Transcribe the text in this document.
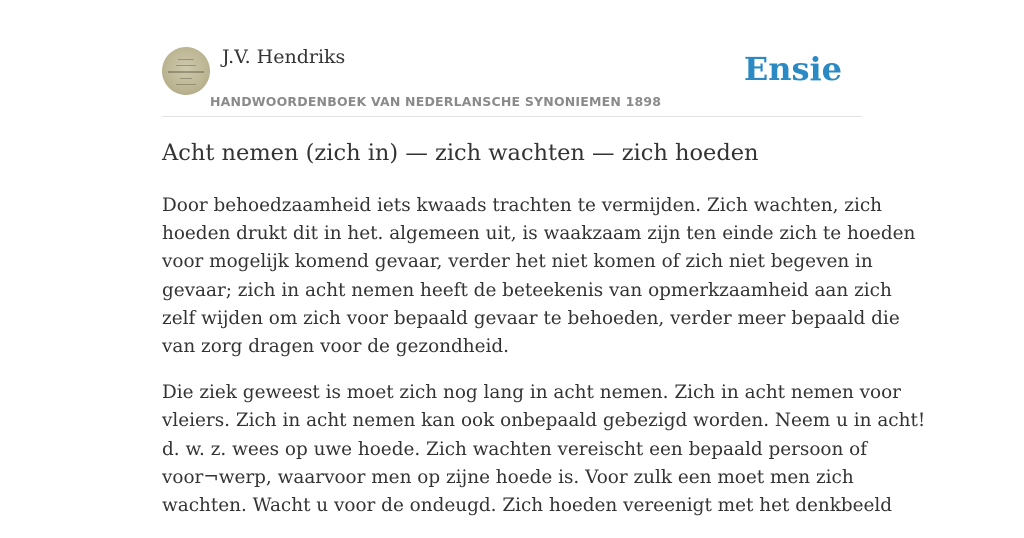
J.V. Hendriks
HANDWOORDENBOEK VAN NEDERLANSCHE SYNONIEMEN 1898
Ensie
Acht nemen (zich in) — zich wachten — zich hoeden

Door behoedzaamheid iets kwaads trachten te vermijden. Zich wachten, zich
hoeden drukt dit in het. algemeen uit, is waakzaam zijn ten einde zich te hoeden
voor mogelijk komend gevaar, verder het niet komen of zich niet begeven in
gevaar; zich in acht nemen heeft de beteekenis van opmerkzaamheid aan zich
zelf wijden om zich voor bepaald gevaar te behoeden, verder meer bepaald die
van zorg dragen voor de gezondheid.

Die ziek geweest is moet zich nog lang in acht nemen. Zich in acht nemen voor
vleiers. Zich in acht nemen kan ook onbepaald gebezigd worden. Neem u in acht!
d. w. z. wees op uwe hoede. Zich wachten vereischt een bepaald persoon of
voor¬werp, waarvoor men op zijne hoede is. Voor zulk een moet men zich
wachten. Wacht u voor de ondeugd. Zich hoeden vereenigt met het denkbeeld
